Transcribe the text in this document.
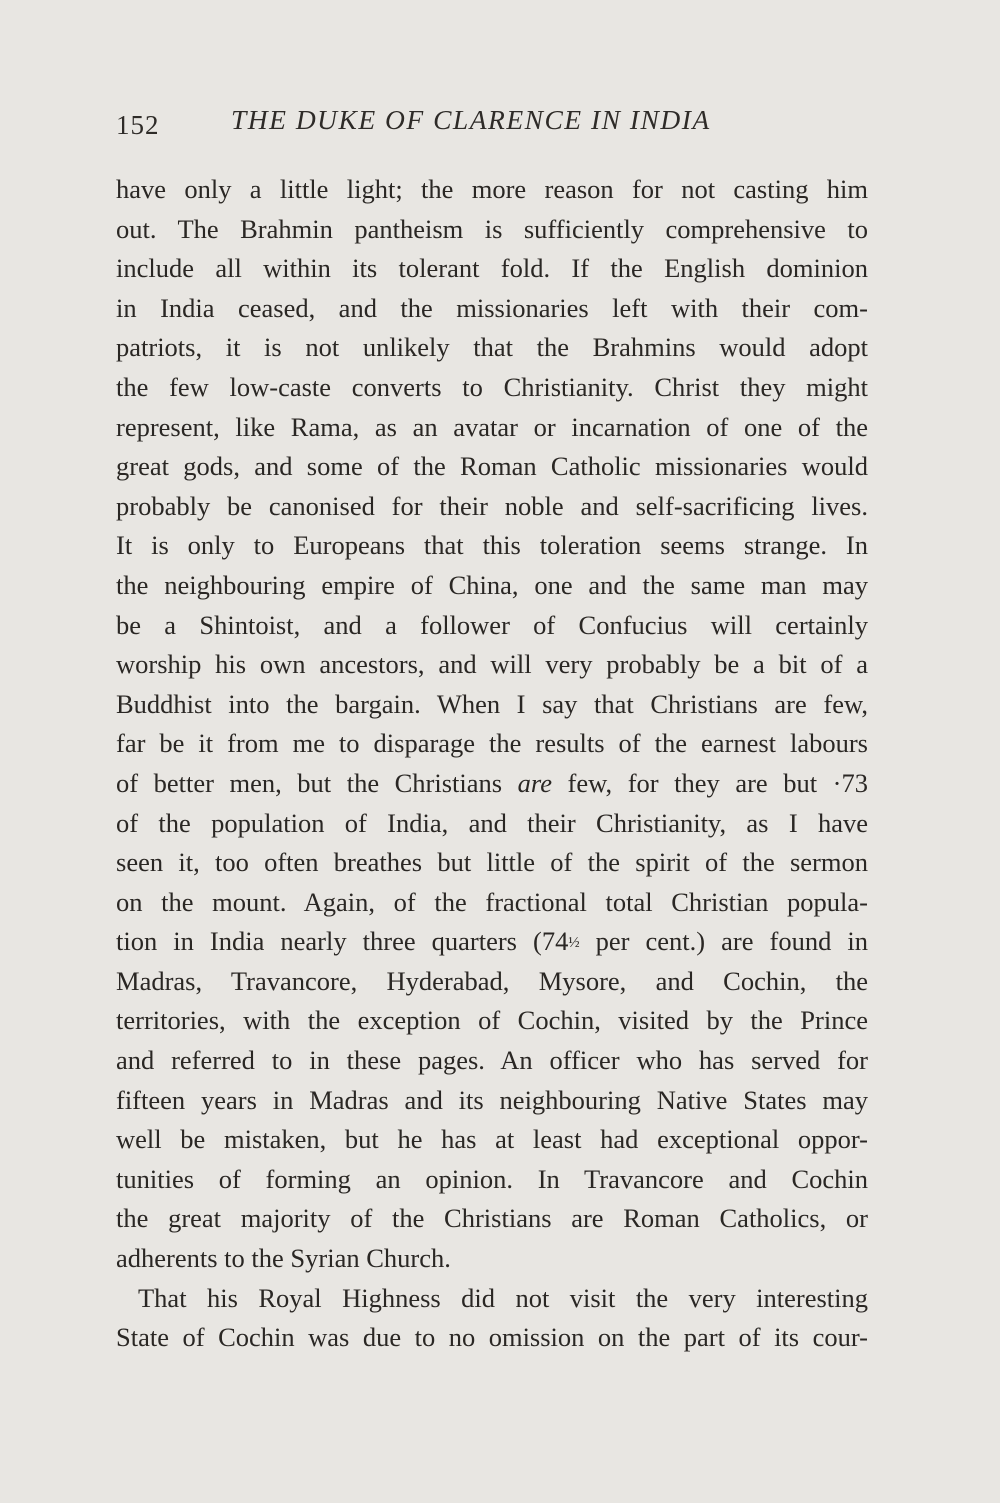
152	THE DUKE OF CLARENCE IN INDIA
have only a little light; the more reason for not casting him
out. The Brahmin pantheism is sufficiently comprehensive to
include all within its tolerant fold. If the English dominion
in India ceased, and the missionaries left with their com-
patriots, it is not unlikely that the Brahmins would adopt
the few low-caste converts to Christianity. Christ they might
represent, like Rama, as an avatar or incarnation of one of the
great gods, and some of the Roman Catholic missionaries would
probably be canonised for their noble and self-sacrificing lives.
It is only to Europeans that this toleration seems strange. In
the neighbouring empire of China, one and the same man may
be a Shintoist, and a follower of Confucius will certainly
worship his own ancestors, and will very probably be a bit of a
Buddhist into the bargain. When I say that Christians are few,
far be it from me to disparage the results of the earnest labours
of better men, but the Christians are few, for they are but ·73
of the population of India, and their Christianity, as I have
seen it, too often breathes but little of the spirit of the sermon
on the mount. Again, of the fractional total Christian popula-
tion in India nearly three quarters (74½ per cent.) are found in
Madras, Travancore, Hyderabad, Mysore, and Cochin, the
territories, with the exception of Cochin, visited by the Prince
and referred to in these pages. An officer who has served for
fifteen years in Madras and its neighbouring Native States may
well be mistaken, but he has at least had exceptional oppor-
tunities of forming an opinion. In Travancore and Cochin
the great majority of the Christians are Roman Catholics, or
adherents to the Syrian Church.
That his Royal Highness did not visit the very interesting
State of Cochin was due to no omission on the part of its cour-
